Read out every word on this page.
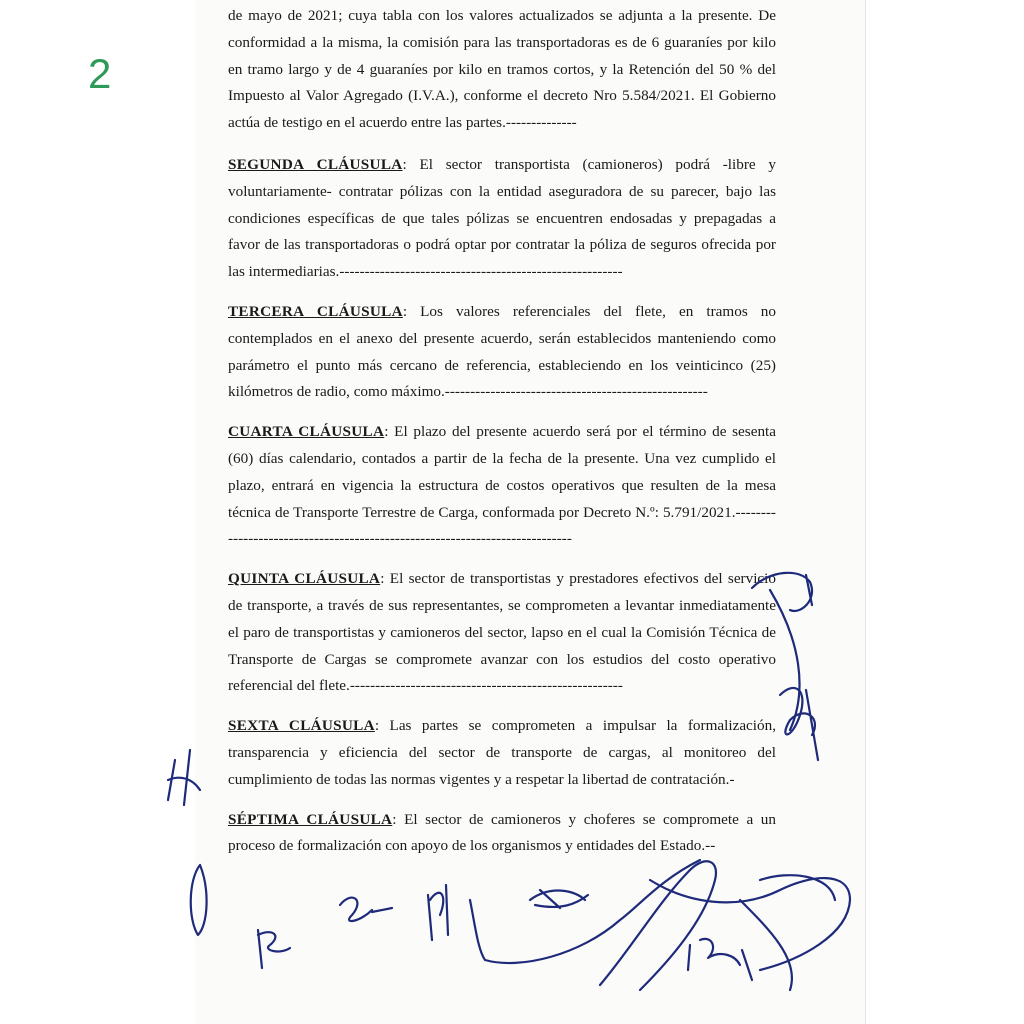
2

de mayo de 2021; cuya tabla con los valores actualizados se adjunta a la presente. De conformidad a la misma, la comisión para las transportadoras es de 6 guaraníes por kilo en tramo largo y de 4 guaraníes por kilo en tramos cortos, y la Retención del 50 % del Impuesto al Valor Agregado (I.V.A.), conforme el decreto Nro 5.584/2021. El Gobierno actúa de testigo en el acuerdo entre las partes.--------------

SEGUNDA CLÁUSULA: El sector transportista (camioneros) podrá -libre y voluntariamente- contratar pólizas con la entidad aseguradora de su parecer, bajo las condiciones específicas de que tales pólizas se encuentren endosadas y prepagadas a favor de las transportadoras o podrá optar por contratar la póliza de seguros ofrecida por las intermediarias.--------------------------------------------------------

TERCERA CLÁUSULA: Los valores referenciales del flete, en tramos no contemplados en el anexo del presente acuerdo, serán establecidos manteniendo como parámetro el punto más cercano de referencia, estableciendo en los veinticinco (25) kilómetros de radio, como máximo.----------------------------------------------------

CUARTA CLÁUSULA: El plazo del presente acuerdo será por el término de sesenta (60) días calendario, contados a partir de la fecha de la presente. Una vez cumplido el plazo, entrará en vigencia la estructura de costos operativos que resulten de la mesa técnica de Transporte Terrestre de Carga, conformada por Decreto N.º: 5.791/2021.----------------------------------------------------------------------------

QUINTA CLÁUSULA: El sector de transportistas y prestadores efectivos del servicio de transporte, a través de sus representantes, se comprometen a levantar inmediatamente el paro de transportistas y camioneros del sector, lapso en el cual la Comisión Técnica de Transporte de Cargas se compromete avanzar con los estudios del costo operativo referencial del flete.------------------------------------------------------

SEXTA CLÁUSULA: Las partes se comprometen a impulsar la formalización, transparencia y eficiencia del sector de transporte de cargas, al monitoreo del cumplimiento de todas las normas vigentes y a respetar la libertad de contratación.-

SÉPTIMA CLÁUSULA: El sector de camioneros y choferes se compromete a un proceso de formalización con apoyo de los organismos y entidades del Estado.--
